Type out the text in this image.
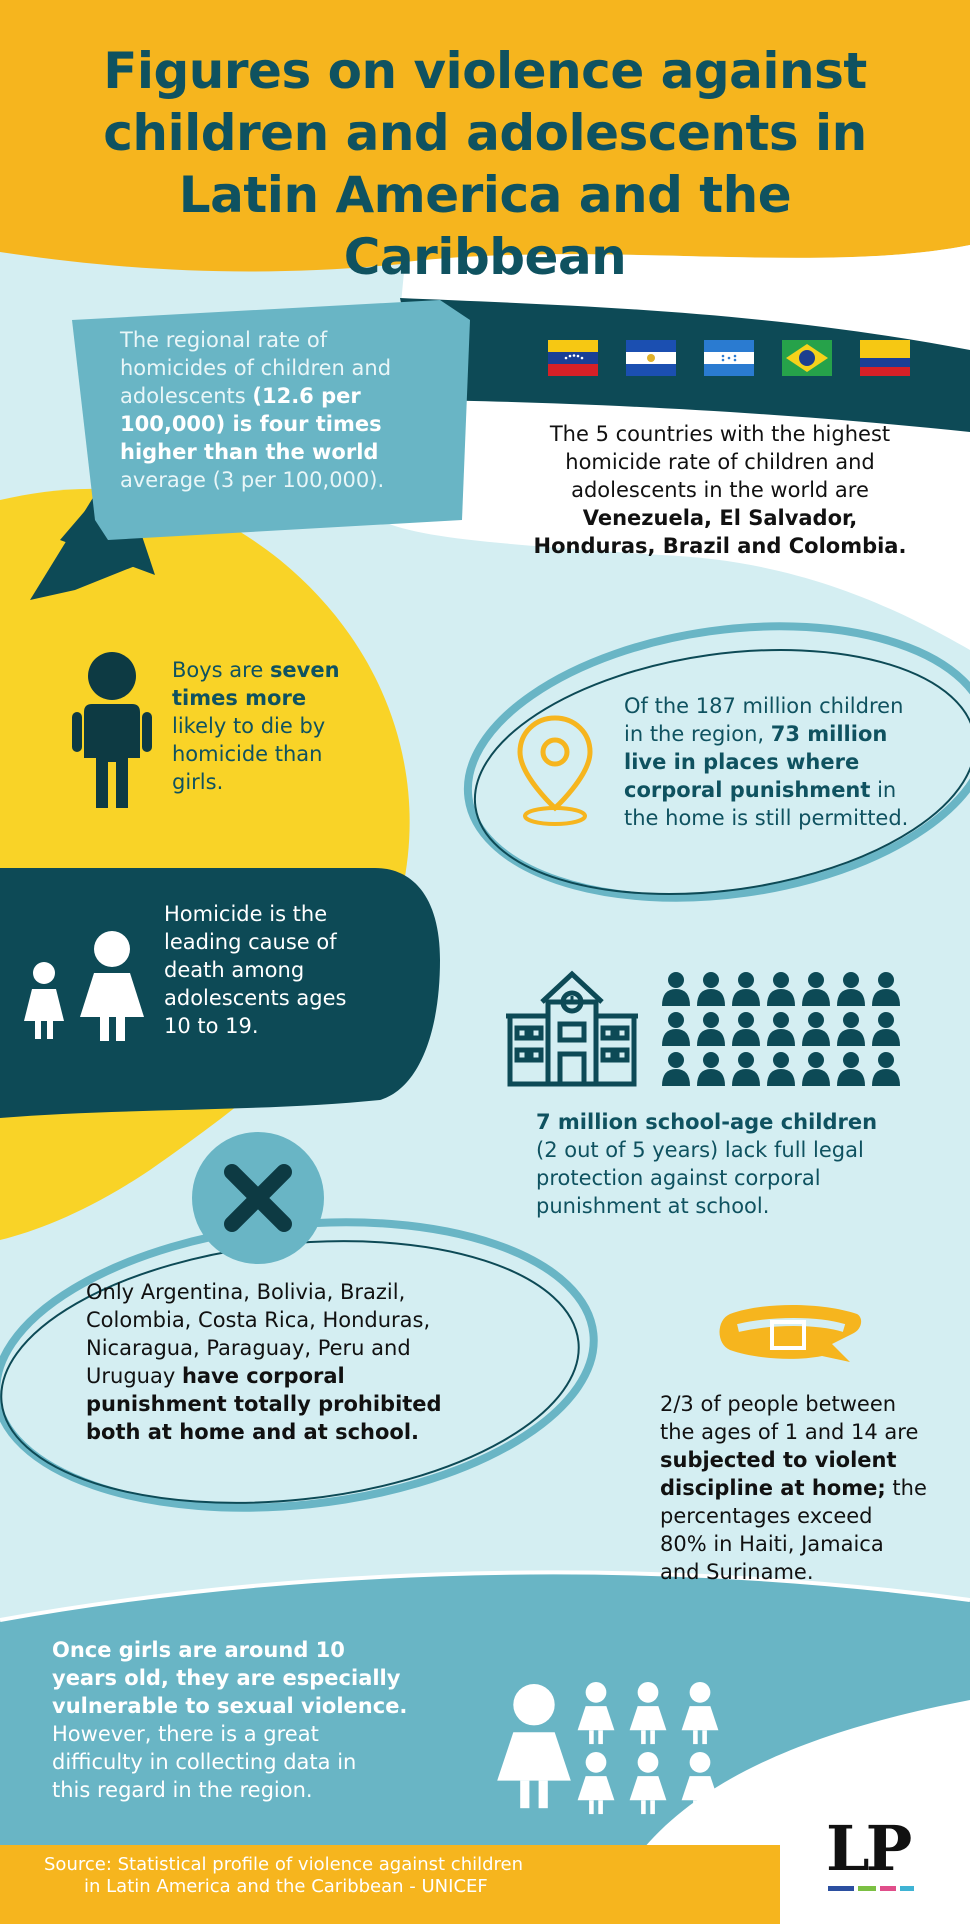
Figures on violence against
children and adolescents in
Latin America and the Caribbean
The regional rate of
homicides of children and
adolescents (12.6 per
100,000) is four times
higher than the world
average (3 per 100,000).
The 5 countries with the highest
homicide rate of children and
adolescents in the world are
Venezuela, El Salvador,
Honduras, Brazil and Colombia.
Boys are seven
times more
likely to die by
homicide than
girls.
Of the 187 million children
in the region, 73 million
live in places where
corporal punishment in
the home is still permitted.
Homicide is the
leading cause of
death among
adolescents ages
10 to 19.
7 million school-age children
(2 out of 5 years) lack full legal
protection against corporal
punishment at school.
Only Argentina, Bolivia, Brazil,
Colombia, Costa Rica, Honduras,
Nicaragua, Paraguay, Peru and
Uruguay have corporal
punishment totally prohibited
both at home and at school.
2/3 of people between
the ages of 1 and 14 are
subjected to violent
discipline at home; the
percentages exceed
80% in Haiti, Jamaica
and Suriname.
Once girls are around 10
years old, they are especially
vulnerable to sexual violence.
However, there is a great
difficulty in collecting data in
this regard in the region.
Source: Statistical profile of violence against children
in Latin America and the Caribbean - UNICEF
LP
